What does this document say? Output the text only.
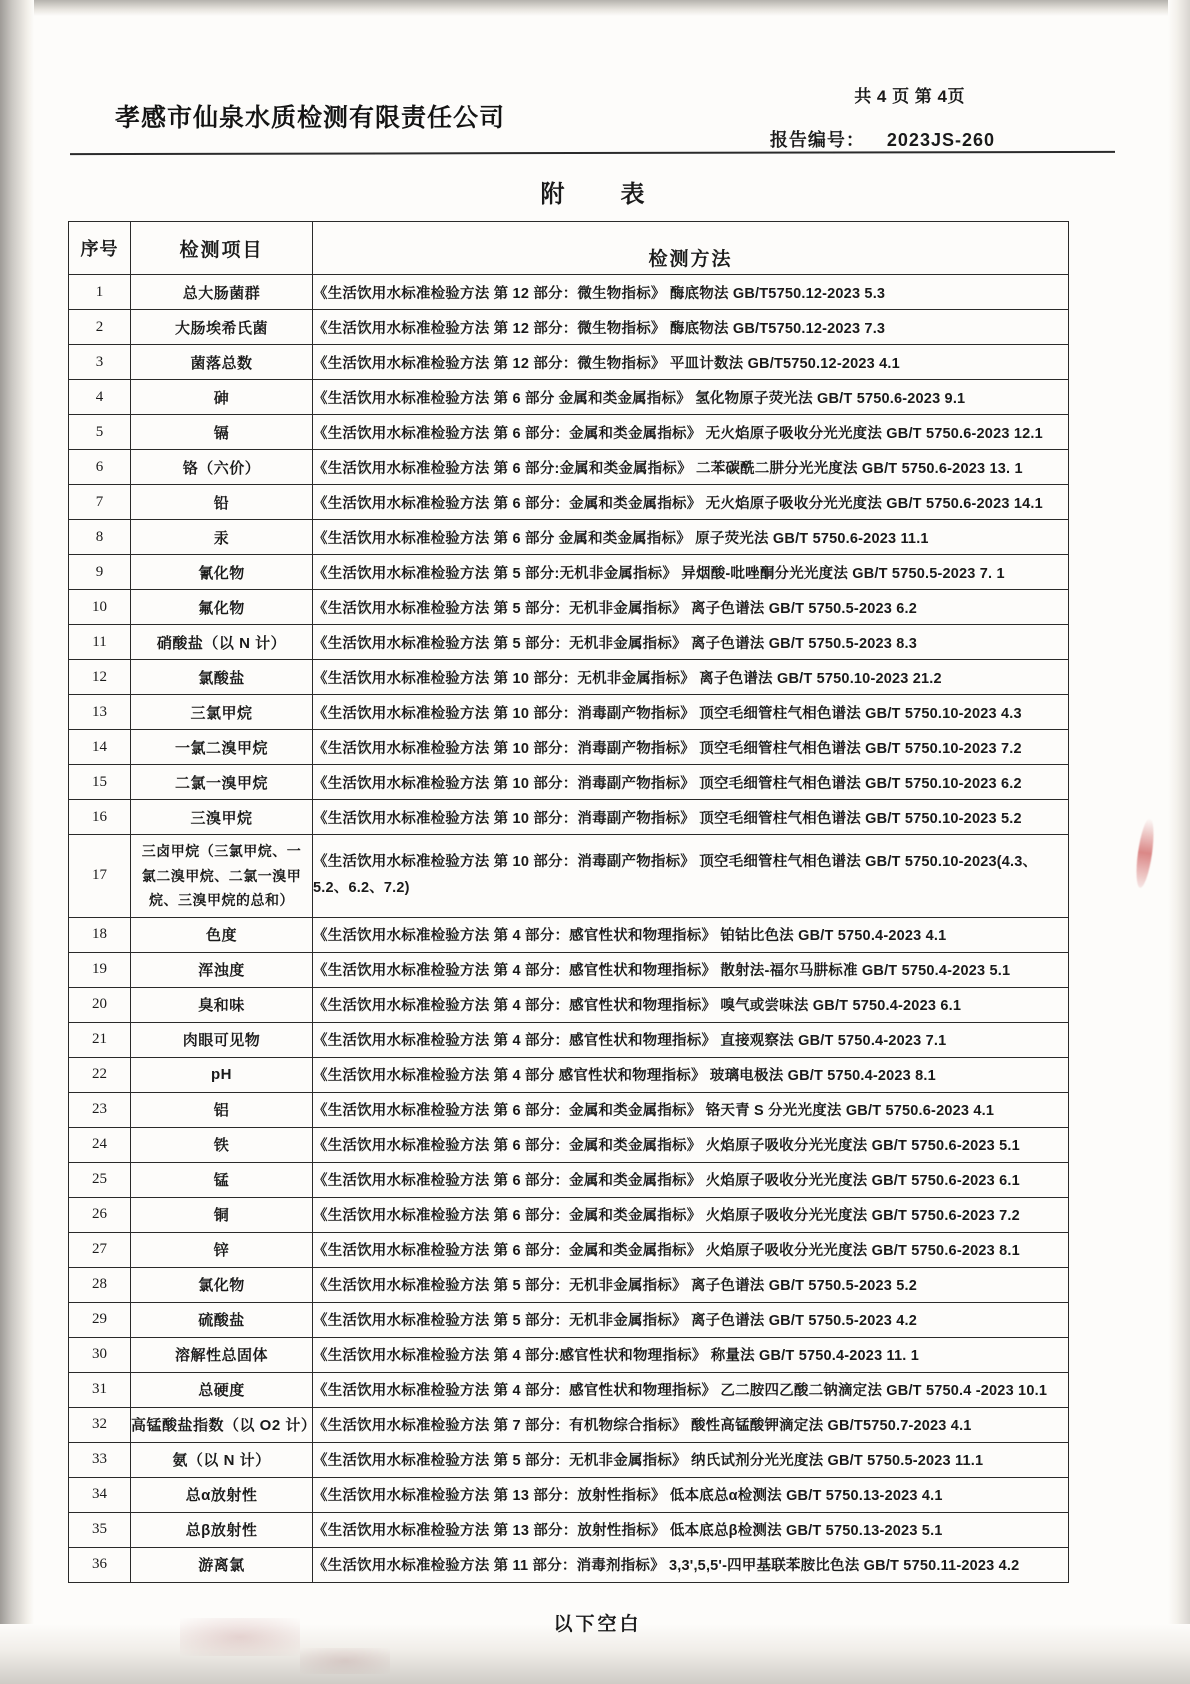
孝感市仙泉水质检测有限责任公司
共 4 页 第 4页
报告编号： 2023JS-260
附　表
序号	检测项目	检测方法

1	总大肠菌群	《生活饮用水标准检验方法 第 12 部分：微生物指标》 酶底物法 GB/T5750.12-2023 5.3
2	大肠埃希氏菌	《生活饮用水标准检验方法 第 12 部分：微生物指标》 酶底物法 GB/T5750.12-2023 7.3
3	菌落总数	《生活饮用水标准检验方法 第 12 部分：微生物指标》 平皿计数法 GB/T5750.12-2023 4.1
4	砷	《生活饮用水标准检验方法 第 6 部分 金属和类金属指标》 氢化物原子荧光法 GB/T 5750.6-2023 9.1
5	镉	《生活饮用水标准检验方法 第 6 部分：金属和类金属指标》 无火焰原子吸收分光光度法 GB/T 5750.6-2023 12.1
6	铬（六价）	《生活饮用水标准检验方法 第 6 部分:金属和类金属指标》 二苯碳酰二肼分光光度法 GB/T 5750.6-2023 13. 1
7	铅	《生活饮用水标准检验方法 第 6 部分：金属和类金属指标》 无火焰原子吸收分光光度法 GB/T 5750.6-2023 14.1
8	汞	《生活饮用水标准检验方法 第 6 部分 金属和类金属指标》 原子荧光法 GB/T 5750.6-2023 11.1
9	氰化物	《生活饮用水标准检验方法 第 5 部分:无机非金属指标》 异烟酸-吡唑酮分光光度法 GB/T 5750.5-2023 7. 1
10	氟化物	《生活饮用水标准检验方法 第 5 部分：无机非金属指标》 离子色谱法 GB/T 5750.5-2023 6.2
11	硝酸盐（以 N 计）	《生活饮用水标准检验方法 第 5 部分：无机非金属指标》 离子色谱法 GB/T 5750.5-2023 8.3
12	氯酸盐	《生活饮用水标准检验方法 第 10 部分：无机非金属指标》 离子色谱法 GB/T 5750.10-2023 21.2
13	三氯甲烷	《生活饮用水标准检验方法 第 10 部分：消毒副产物指标》 顶空毛细管柱气相色谱法 GB/T 5750.10-2023 4.3
14	一氯二溴甲烷	《生活饮用水标准检验方法 第 10 部分：消毒副产物指标》 顶空毛细管柱气相色谱法 GB/T 5750.10-2023 7.2
15	二氯一溴甲烷	《生活饮用水标准检验方法 第 10 部分：消毒副产物指标》 顶空毛细管柱气相色谱法 GB/T 5750.10-2023 6.2
16	三溴甲烷	《生活饮用水标准检验方法 第 10 部分：消毒副产物指标》 顶空毛细管柱气相色谱法 GB/T 5750.10-2023 5.2
17	三卤甲烷（三氯甲烷、一氯二溴甲烷、二氯一溴甲烷、三溴甲烷的总和）	《生活饮用水标准检验方法 第 10 部分：消毒副产物指标》 顶空毛细管柱气相色谱法 GB/T 5750.10-2023(4.3、5.2、6.2、7.2)
18	色度	《生活饮用水标准检验方法 第 4 部分：感官性状和物理指标》 铂钴比色法 GB/T 5750.4-2023 4.1
19	浑浊度	《生活饮用水标准检验方法 第 4 部分：感官性状和物理指标》 散射法-福尔马肼标准 GB/T 5750.4-2023 5.1
20	臭和味	《生活饮用水标准检验方法 第 4 部分：感官性状和物理指标》 嗅气或尝味法 GB/T 5750.4-2023 6.1
21	肉眼可见物	《生活饮用水标准检验方法 第 4 部分：感官性状和物理指标》 直接观察法 GB/T 5750.4-2023 7.1
22	pH	《生活饮用水标准检验方法 第 4 部分 感官性状和物理指标》 玻璃电极法 GB/T 5750.4-2023 8.1
23	铝	《生活饮用水标准检验方法 第 6 部分：金属和类金属指标》 铬天青 S 分光光度法 GB/T 5750.6-2023 4.1
24	铁	《生活饮用水标准检验方法 第 6 部分：金属和类金属指标》 火焰原子吸收分光光度法 GB/T 5750.6-2023 5.1
25	锰	《生活饮用水标准检验方法 第 6 部分：金属和类金属指标》 火焰原子吸收分光光度法 GB/T 5750.6-2023 6.1
26	铜	《生活饮用水标准检验方法 第 6 部分：金属和类金属指标》 火焰原子吸收分光光度法 GB/T 5750.6-2023 7.2
27	锌	《生活饮用水标准检验方法 第 6 部分：金属和类金属指标》 火焰原子吸收分光光度法 GB/T 5750.6-2023 8.1
28	氯化物	《生活饮用水标准检验方法 第 5 部分：无机非金属指标》 离子色谱法 GB/T 5750.5-2023 5.2
29	硫酸盐	《生活饮用水标准检验方法 第 5 部分：无机非金属指标》 离子色谱法 GB/T 5750.5-2023 4.2
30	溶解性总固体	《生活饮用水标准检验方法 第 4 部分:感官性状和物理指标》 称量法 GB/T 5750.4-2023 11. 1
31	总硬度	《生活饮用水标准检验方法 第 4 部分：感官性状和物理指标》 乙二胺四乙酸二钠滴定法 GB/T 5750.4 -2023 10.1
32	高锰酸盐指数（以 O2 计）	《生活饮用水标准检验方法 第 7 部分：有机物综合指标》 酸性高锰酸钾滴定法 GB/T5750.7-2023 4.1
33	氨（以 N 计）	《生活饮用水标准检验方法 第 5 部分：无机非金属指标》 纳氏试剂分光光度法 GB/T 5750.5-2023 11.1
34	总α放射性	《生活饮用水标准检验方法 第 13 部分：放射性指标》 低本底总α检测法 GB/T 5750.13-2023 4.1
35	总β放射性	《生活饮用水标准检验方法 第 13 部分：放射性指标》 低本底总β检测法 GB/T 5750.13-2023 5.1
36	游离氯	《生活饮用水标准检验方法 第 11 部分：消毒剂指标》 3,3',5,5'-四甲基联苯胺比色法 GB/T 5750.11-2023 4.2
以下空白
